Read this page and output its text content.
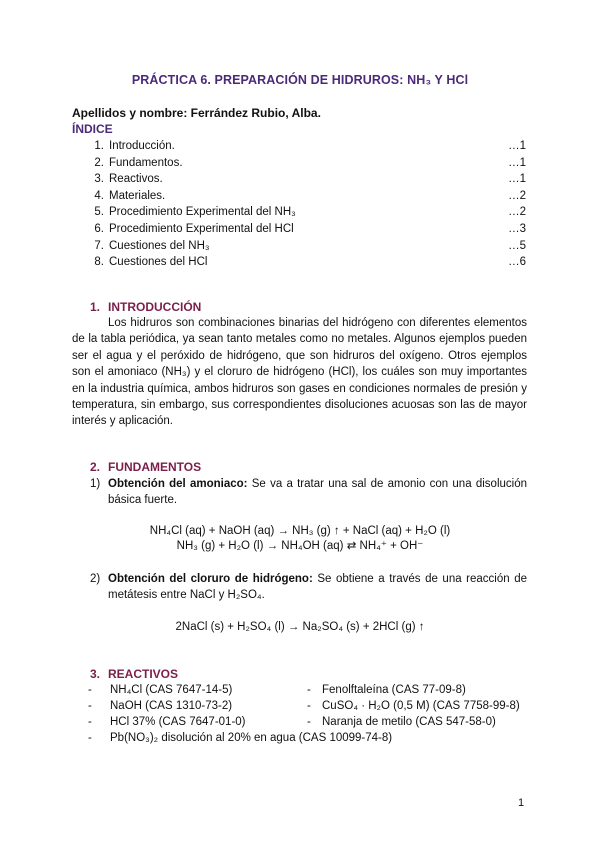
PRÁCTICA 6. PREPARACIÓN DE HIDRUROS: NH₃ Y HCl
Apellidos y nombre: Ferrández Rubio, Alba.
ÍNDICE
1. Introducción.	…1
2. Fundamentos.	…1
3. Reactivos.	…1
4. Materiales.	…2
5. Procedimiento Experimental del NH₃	…2
6. Procedimiento Experimental del HCl	…3
7. Cuestiones del NH₃	…5
8. Cuestiones del HCl	…6
1. INTRODUCCIÓN
Los hidruros son combinaciones binarias del hidrógeno con diferentes elementos de la tabla periódica, ya sean tanto metales como no metales. Algunos ejemplos pueden ser el agua y el peróxido de hidrógeno, que son hidruros del oxígeno. Otros ejemplos son el amoniaco (NH₃) y el cloruro de hidrógeno (HCl), los cuáles son muy importantes en la industria química, ambos hidruros son gases en condiciones normales de presión y temperatura, sin embargo, sus correspondientes disoluciones acuosas son las de mayor interés y aplicación.
2. FUNDAMENTOS
1) Obtención del amoniaco: Se va a tratar una sal de amonio con una disolución básica fuerte.
NH₄Cl (aq) + NaOH (aq) → NH₃ (g) ↑ + NaCl (aq) + H₂O (l)
NH₃ (g) + H₂O (l) → NH₄OH (aq) ⇄ NH₄⁺ + OH⁻
2) Obtención del cloruro de hidrógeno: Se obtiene a través de una reacción de metátesis entre NaCl y H₂SO₄.
2NaCl (s) + H₂SO₄ (l) → Na₂SO₄ (s) + 2HCl (g) ↑
3. REACTIVOS
- NH₄Cl (CAS 7647-14-5)
- NaOH (CAS 1310-73-2)
- HCl 37% (CAS 7647-01-0)
- Pb(NO₃)₂ disolución al 20% en agua (CAS 10099-74-8)
- Fenolftaleína (CAS 77-09-8)
- CuSO₄ · H₂O (0,5 M) (CAS 7758-99-8)
- Naranja de metilo (CAS 547-58-0)
1
